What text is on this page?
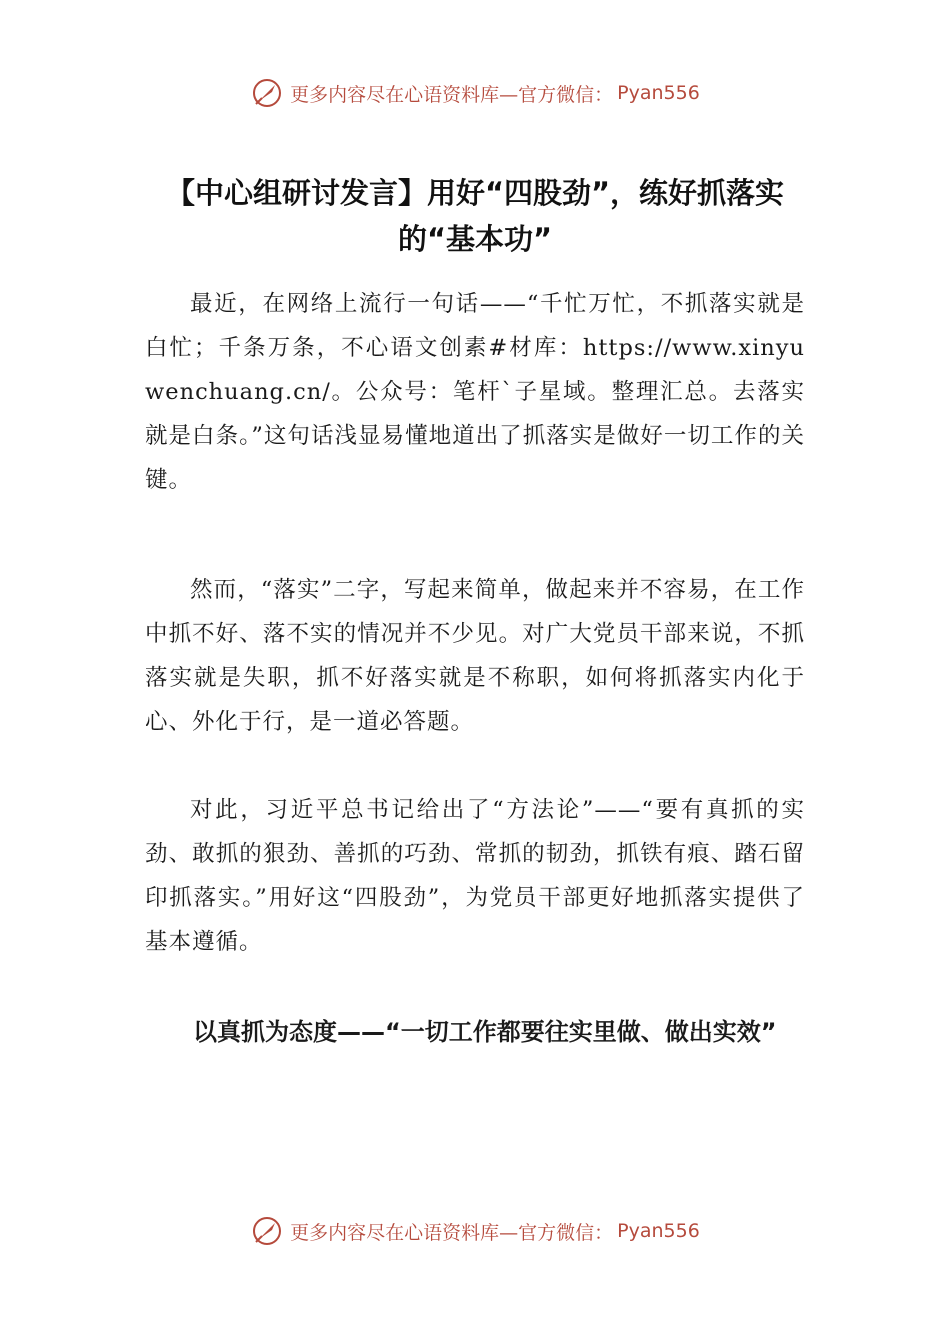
更多内容尽在心语资料库—官方微信： Pyan556
【中心组研讨发言】用好“四股劲”，练好抓落实的“基本功”

最近，在网络上流行一句话——“千忙万忙，不抓落实就是白忙；千条万条，不心语文创素#材库：https://www.xinyuwenchuang.cn/。公众号：笔杆`子星域。整理汇总。去落实就是白条。”这句话浅显易懂地道出了抓落实是做好一切工作的关键。

然而，“落实”二字，写起来简单，做起来并不容易，在工作中抓不好、落不实的情况并不少见。对广大党员干部来说，不抓落实就是失职，抓不好落实就是不称职，如何将抓落实内化于心、外化于行，是一道必答题。

对此，习近平总书记给出了“方法论”——“要有真抓的实劲、敢抓的狠劲、善抓的巧劲、常抓的韧劲，抓铁有痕、踏石留印抓落实。”用好这“四股劲”，为党员干部更好地抓落实提供了基本遵循。

以真抓为态度——“一切工作都要往实里做、做出实效”
更多内容尽在心语资料库—官方微信： Pyan556
